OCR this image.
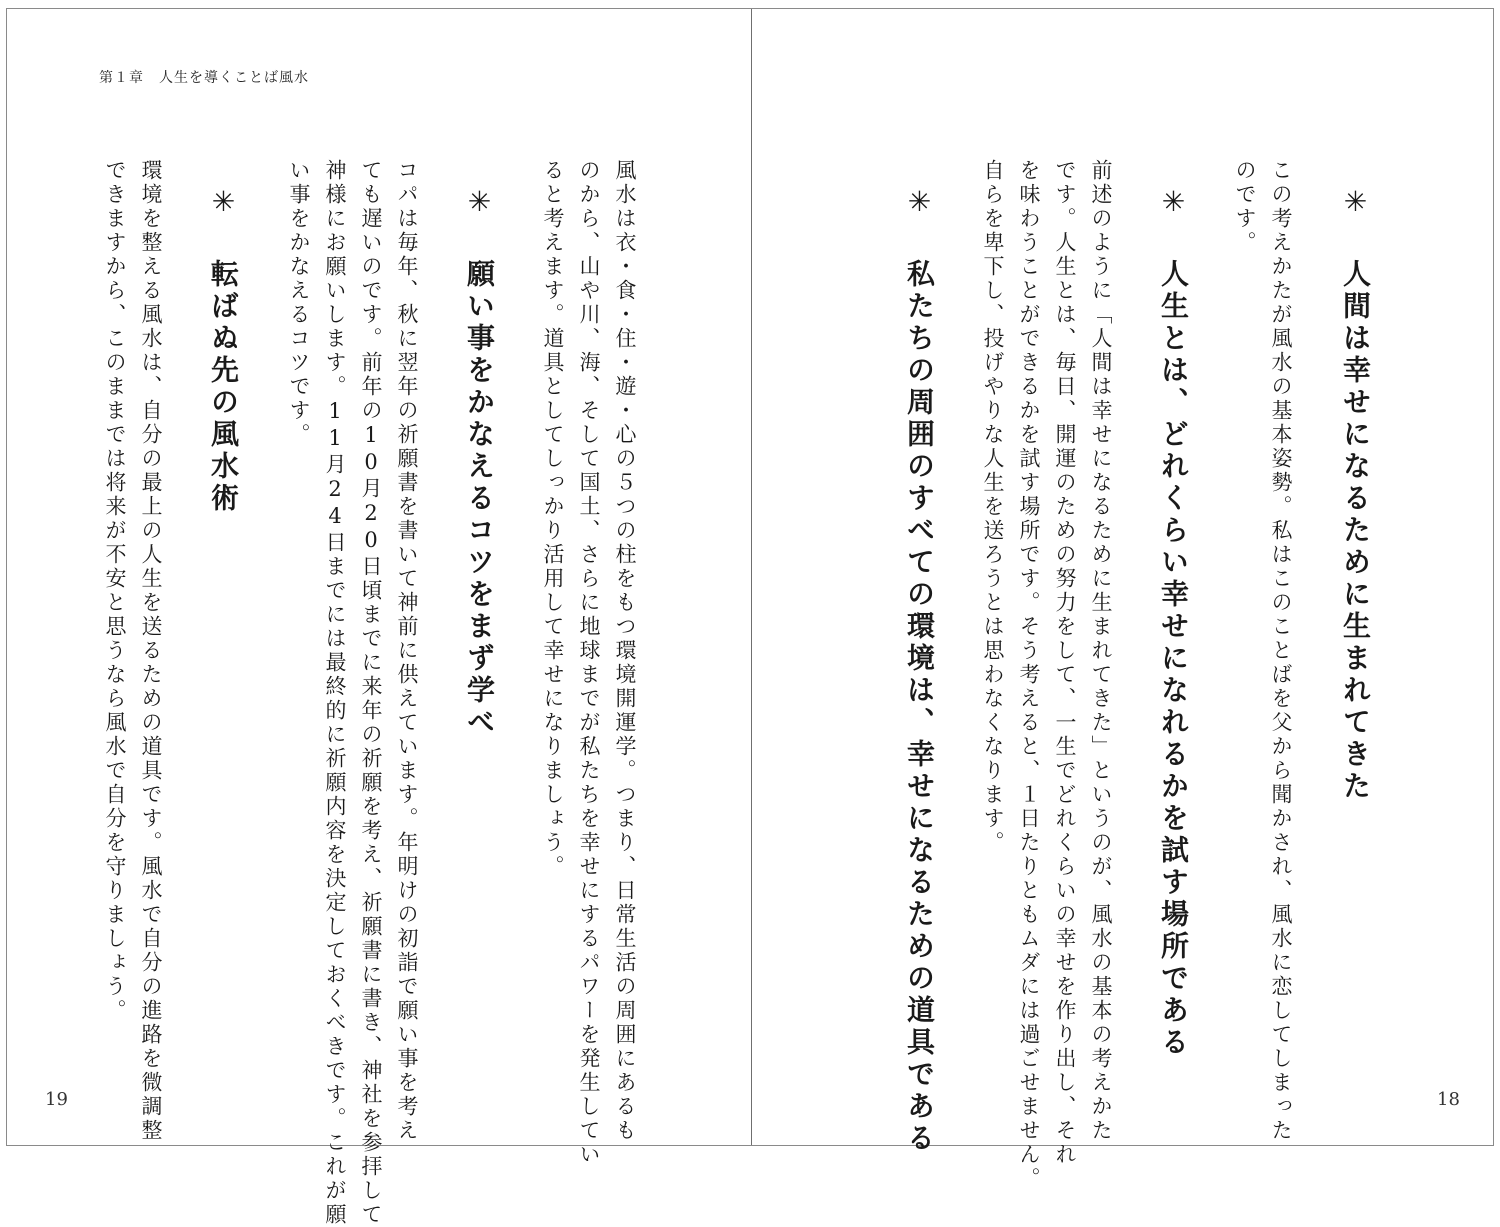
第１章　人生を導くことば風水
風水は衣・食・住・遊・心の５つの柱をもつ環境開運学。つまり、日常生活の周囲にあるも
のから、山や川、海、そして国土、さらに地球までが私たちを幸せにするパワーを発生してい
ると考えます。道具としてしっかり活用して幸せになりましょう。
✳ 願い事をかなえるコツをまず学べ
コパは毎年、秋に翌年の祈願書を書いて神前に供えています。年明けの初詣で願い事を考え
ても遅いのです。前年の10月20日頃までに来年の祈願を考え、祈願書に書き、神社を参拝して
神様にお願いします。11月24日までには最終的に祈願内容を決定しておくべきです。これが願
い事をかなえるコツです。
✳ 転ばぬ先の風水術
環境を整える風水は、自分の最上の人生を送るための道具です。風水で自分の進路を微調整
できますから、このままでは将来が不安と思うなら風水で自分を守りましょう。
19
✳ 人間は幸せになるために生まれてきた
この考えかたが風水の基本姿勢。私はこのことばを父から聞かされ、風水に恋してしまった
のです。
✳ 人生とは、どれくらい幸せになれるかを試す場所である
前述のように「人間は幸せになるために生まれてきた」というのが、風水の基本の考えかた
です。人生とは、毎日、開運のための努力をして、一生でどれくらいの幸せを作り出し、それ
を味わうことができるかを試す場所です。そう考えると、１日たりともムダには過ごせません。
自らを卑下し、投げやりな人生を送ろうとは思わなくなります。
✳ 私たちの周囲のすべての環境は、幸せになるための道具である	18
